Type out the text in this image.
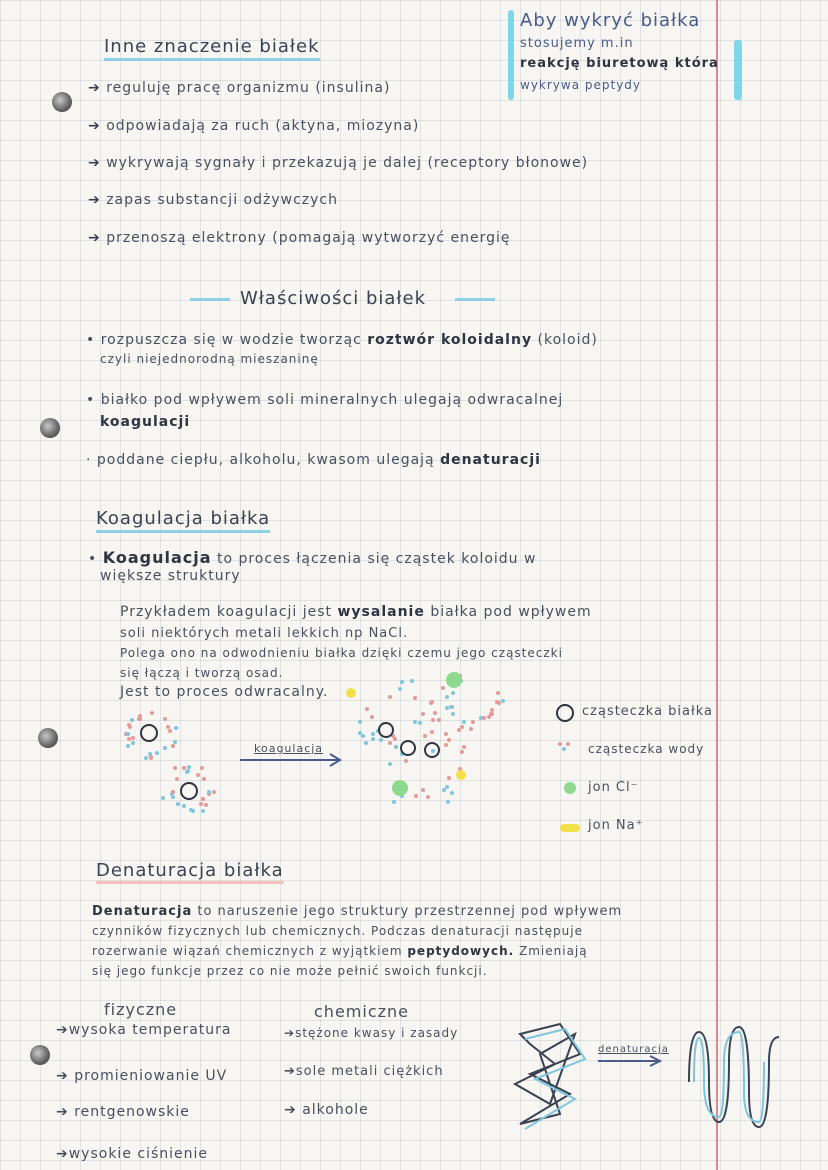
Aby wykryć białka
stosujemy m.in
reakcję biuretową która
wykrywa peptydy
Inne znaczenie białek
➔ reguluję pracę organizmu (insulina)
➔ odpowiadają za ruch (aktyna, miozyna)
➔ wykrywają sygnały i przekazują je dalej (receptory błonowe)
➔ zapas substancji odżywczych
➔ przenoszą elektrony (pomagają wytworzyć energię
Właściwości białek
• rozpuszcza się w wodzie tworząc roztwór koloidalny (koloid)
czyli niejednorodną mieszaninę
• białko pod wpływem soli mineralnych ulegają odwracalnej
koagulacji
· poddane ciepłu, alkoholu, kwasom ulegają denaturacji
Koagulacja białka
• Koagulacja to proces łączenia się cząstek koloidu w
większe struktury
Przykładem koagulacji jest wysalanie białka pod wpływem
soli niektórych metali lekkich np NaCl.
Polega ono na odwodnieniu białka dzięki czemu jego cząsteczki
się łączą i tworzą osad.
Jest to proces odwracalny.
koagulacja
cząsteczka białka
cząsteczka wody
jon Cl⁻
jon Na⁺
Denaturacja białka
Denaturacja to naruszenie jego struktury przestrzennej pod wpływem
czynników fizycznych lub chemicznych. Podczas denaturacji następuje
rozerwanie wiązań chemicznych z wyjątkiem peptydowych. Zmieniają
się jego funkcje przez co nie może pełnić swoich funkcji.
fizyczne
➔wysoka temperatura
➔ promieniowanie UV
➔ rentgenowskie
➔wysokie ciśnienie
chemiczne
➔stężone kwasy i zasady
➔sole metali ciężkich
➔ alkohole
denaturacja
